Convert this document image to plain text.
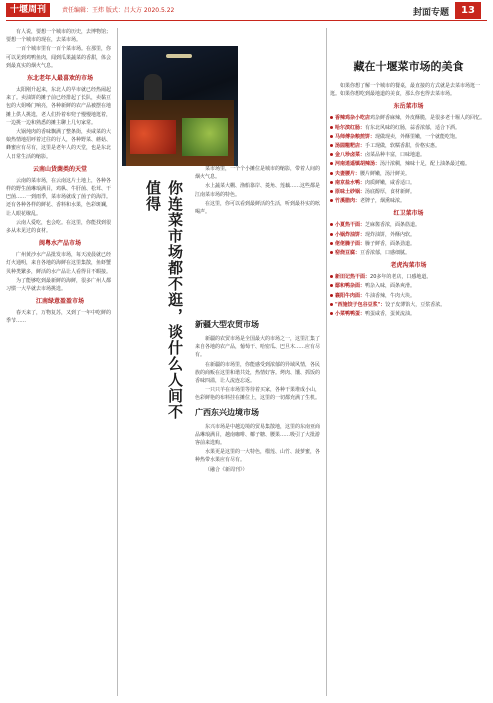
十堰周刊	责任编辑：王炜 版式：吕大方 2020.5.22	封面专题	13

有人说，要想一个城市的历史，去博物馆；要想一个城市的现在，去菜市场。

一百个城市里有一百个菜市场。在那里，你可以见到鸡鸭鱼肉，闻到瓜果蔬菜的香甜，体会到最真实的烟火气息。

东北老年人最喜欢的市场

太阳刚升起来，东北人的早市就已经热闹起来了。卖油饼的摊子前已经排起了长队，卖黏豆包的大姐嗓门响亮，各种新鲜的农产品被摆在地摊上供人挑选，老人们拎着布兜子慢慢地逛着，一边挑一边和熟悉的摊主聊上几句家常。

大锅炖肉的香味飘满了整条街，卖咸菜的大娘热情地招呼着过往的行人，各种野菜、蘑菇、蜂蜜应有尽有，这里是老年人的天堂，也是东北人日常生活的缩影。

云南山货菌类的天堂

云南的菜市场，在云南这片土地上，各种各样的野生菌琳琅满目，鸡枞、牛肝菌、松茸、干巴菌……一到雨季，菜市场就成了菌子的海洋。还有各种各样的鲜花、香料和水果，色彩斑斓，让人眼花缭乱。

云南人爱吃，也会吃。在这里，你能找到很多从未见过的食材。

闽粤水产品市场

广州黄沙水产品批发市场，每天凌晨就已经灯火通明，来自各地的海鲜在这里集散，鱼虾蟹贝种类繁多，鲜活的水产品让人看得目不暇接。

为了能够吃到最新鲜的海鲜，很多广州人都习惯一大早就去市场挑选。

江南绿意盈盈市场

春天来了，万物复苏，又到了一年中吃鲜的季节……	你连菜市场都不逛，谈什么人间不值得

菜市场里，一个个小摊位是城市的缩影，带着人间的烟火气息。

水上蔬菜大棚、渔船靠岸、菱角、莲藕……这些都是江南菜市场的特色。

在这里，你可以看到最鲜活的生活，听到最朴实的吆喝声。

新疆大型农贸市场

新疆的农贸市场是全国最大的市场之一，这里汇集了来自各地的农产品，葡萄干、哈密瓜、巴旦木……应有尽有。

在新疆的市场里，你能感受到浓郁的异域风情，各民族的商贩在这里和谐共处，热情好客。烤肉、馕、抓饭的香味四溢，让人流连忘返。

一只只羊在市场里等待着买家，各种干果堆成小山，色彩鲜艳的布料挂在摊位上，这里的一切都充满了生机。

广西东兴边境市场

东兴市场是中越边境的贸易集散地，这里的东南亚商品琳琅满目，越南咖啡、椰子糖、腰果……吸引了大批游客前来选购。

水果更是这里的一大特色，榴莲、山竹、菠萝蜜，各种热带水果应有尽有。

（融合《新周刊》）

藏在十堰菜市场的美食

如果你想了解一个城市的餐桌，最直接的方式就是去菜市场逛一逛。如果你想吃到最地道的美食，那么你也得去菜市场。

东岳菜市场

香辣鸡杂小吃店鸡杂鲜香麻辣，外皮酥脆，是很多老十堰人的回忆。

哈尔滨红肠：有东北风味的红肠，蒜香浓郁，适合下酒。

马师傅杂粮煎饼：现做现卖，外酥里嫩，一个就能吃饱。

汤圆糍粑店：手工现做，软糯香甜，价格实惠。

金八珍卤菜：卤菜品种丰富，口味地道。

河南逍遥镇胡辣汤：汤汁浓稠，辣味十足，配上油条最过瘾。

夫妻腰片：腰片鲜嫩，汤汁鲜美。

南京盐水鸭：肉质鲜嫩，咸香适口。

原味土砂锅：汤底醇厚，食材新鲜。

竹溪腊肉：老牌子，烟熏味浓。

红卫菜市场

小夏热干面：芝麻酱香浓，面条筋道。

小锅炸油饼：现炸油饼，外酥内软。

佬佬臊子面：臊子鲜香，面条劲道。

窑烧豆腐：豆香浓郁，口感细腻。

老虎沟菜市场

新田记热干面：20多年的老店，口感地道。

鄢和鸭杂面：鸭杂入味，面条爽滑。

襄阳牛肉面：牛油香辣，牛肉大块。

"西施饺子包谷豆浆"：饺子皮薄馅大，豆浆香浓。

小菜鸭鸭蛋：鸭蛋咸香，蛋黄流油。
